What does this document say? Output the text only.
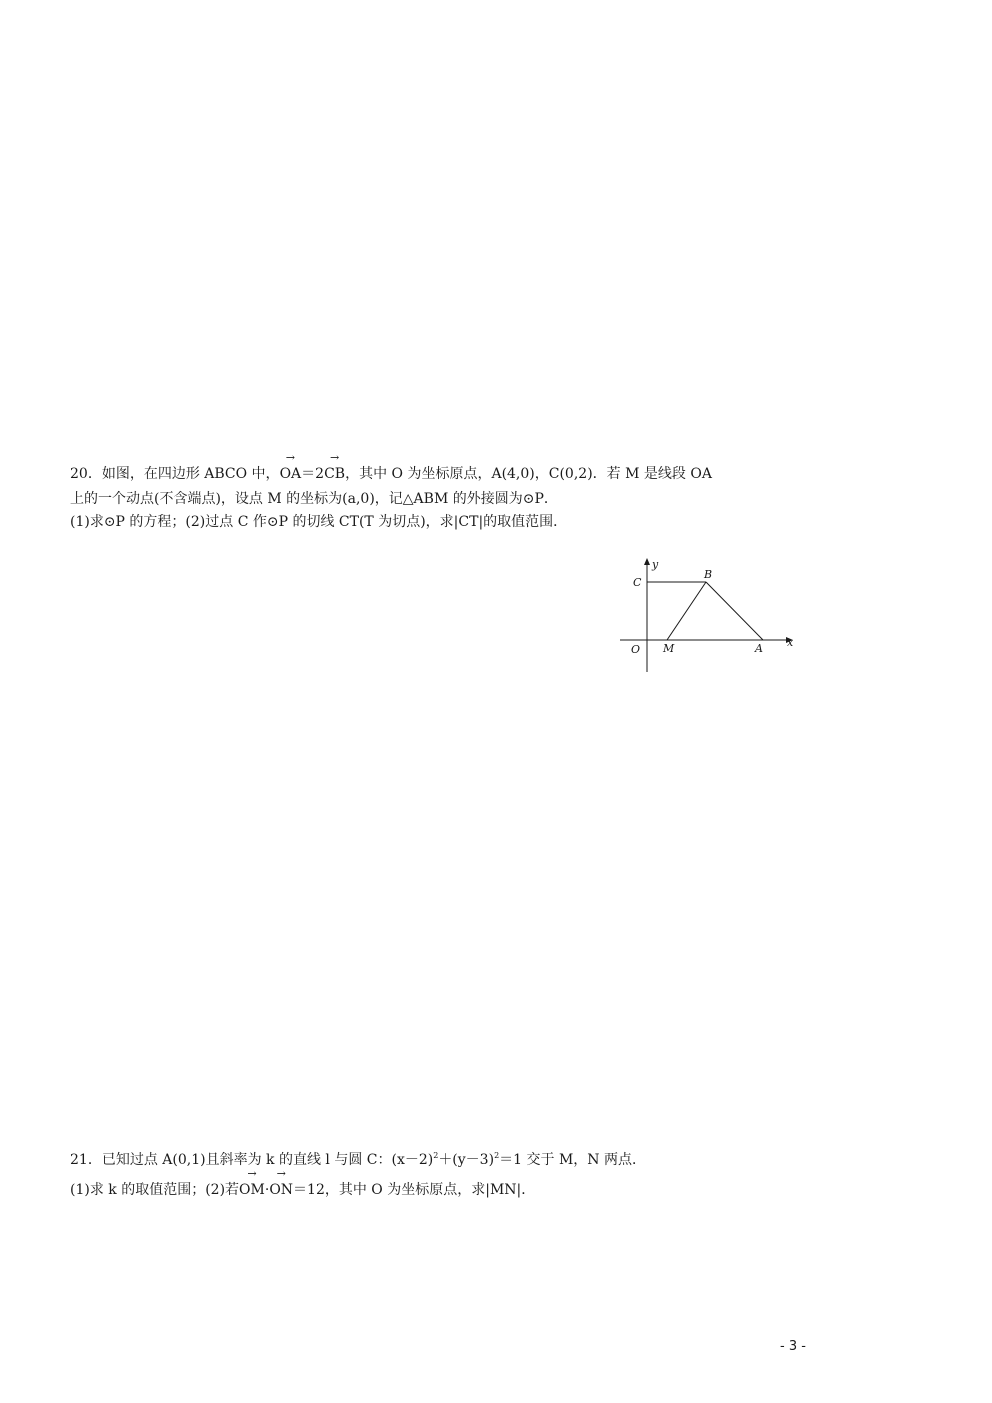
20．如图，在四边形 ABCO 中，→ OA＝2→ CB，其中 O 为坐标原点，A(4,0)，C(0,2)．若 M 是线段 OA
上的一个动点(不含端点)，设点 M 的坐标为(a,0)，记△ABM 的外接圆为⊙P．
(1)求⊙P 的方程；(2)过点 C 作⊙P 的切线 CT(T 为切点)，求|CT|的取值范围．
y
x
C
B
O M	A
21．已知过点 A(0,1)且斜率为 k 的直线 l 与圆 C：$(x-2)^2+(y-3)^2=1$ 交于 M，N 两点．
(1)求 k 的取值范围；(2)若→ OM·→ ON＝12，其中 O 为坐标原点，求|MN|．
- 3 -
